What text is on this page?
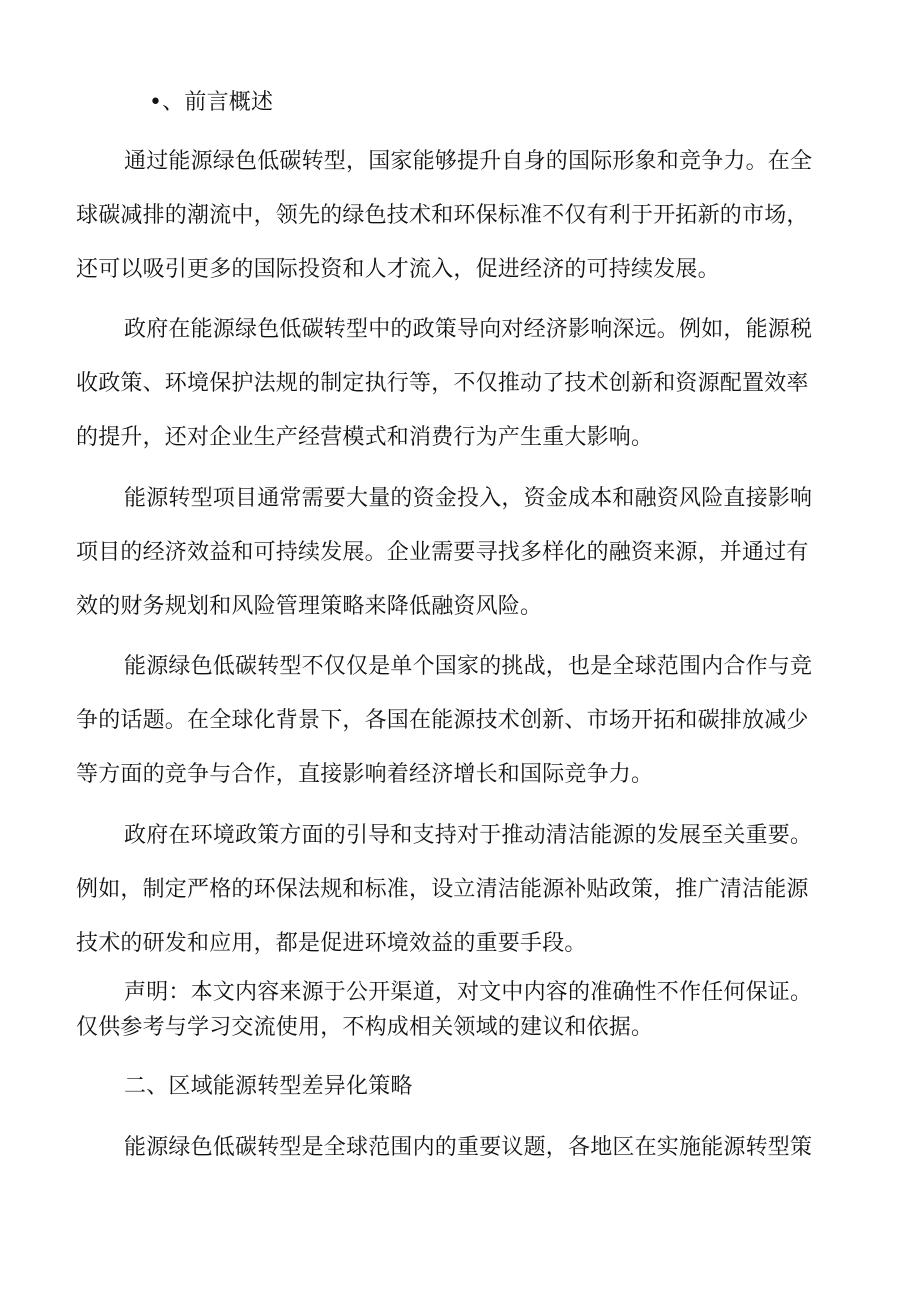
•、前言概述
通过能源绿色低碳转型，国家能够提升自身的国际形象和竞争力。在全
球碳减排的潮流中，领先的绿色技术和环保标准不仅有利于开拓新的市场，
还可以吸引更多的国际投资和人才流入，促进经济的可持续发展。
政府在能源绿色低碳转型中的政策导向对经济影响深远。例如，能源税
收政策、环境保护法规的制定执行等，不仅推动了技术创新和资源配置效率
的提升，还对企业生产经营模式和消费行为产生重大影响。
能源转型项目通常需要大量的资金投入，资金成本和融资风险直接影响
项目的经济效益和可持续发展。企业需要寻找多样化的融资来源，并通过有
效的财务规划和风险管理策略来降低融资风险。
能源绿色低碳转型不仅仅是单个国家的挑战，也是全球范围内合作与竞
争的话题。在全球化背景下，各国在能源技术创新、市场开拓和碳排放减少
等方面的竞争与合作，直接影响着经济增长和国际竞争力。
政府在环境政策方面的引导和支持对于推动清洁能源的发展至关重要。
例如，制定严格的环保法规和标准，设立清洁能源补贴政策，推广清洁能源
技术的研发和应用，都是促进环境效益的重要手段。
声明：本文内容来源于公开渠道，对文中内容的准确性不作任何保证。
仅供参考与学习交流使用，不构成相关领域的建议和依据。
二、区域能源转型差异化策略
能源绿色低碳转型是全球范围内的重要议题，各地区在实施能源转型策
